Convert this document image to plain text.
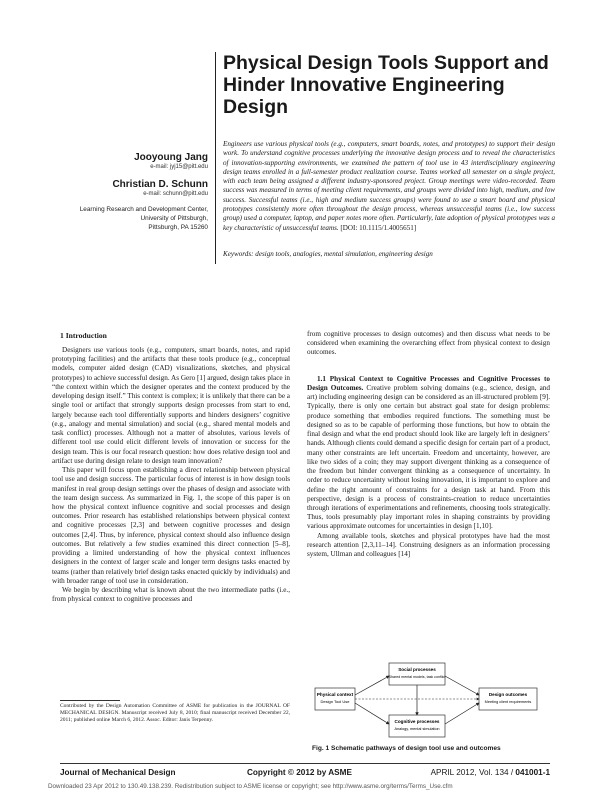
Physical Design Tools Support and Hinder Innovative Engineering Design
Jooyoung Jang
e-mail: jyj15@pitt.edu
Christian D. Schunn
e-mail: schunn@pitt.edu
Learning Research and Development Center,
University of Pittsburgh,
Pittsburgh, PA 15260
Engineers use various physical tools (e.g., computers, smart boards, notes, and prototypes) to support their design work. To understand cognitive processes underlying the innovative design process and to reveal the characteristics of innovation-supporting environments, we examined the pattern of tool use in 43 interdisciplinary engineering design teams enrolled in a full-semester product realization course. Teams worked all semester on a single project, with each team being assigned a different industry-sponsored project. Group meetings were video-recorded. Team success was measured in terms of meeting client requirements, and groups were divided into high, medium, and low success. Successful teams (i.e., high and medium success groups) were found to use a smart board and physical prototypes consistently more often throughout the design process, whereas unsuccessful teams (i.e., low success group) used a computer, laptop, and paper notes more often. Particularly, late adoption of physical prototypes was a key characteristic of unsuccessful teams. [DOI: 10.1115/1.4005651]
Keywords: design tools, analogies, mental simulation, engineering design
1 Introduction

Designers use various tools (e.g., computers, smart boards, notes, and rapid prototyping facilities) and the artifacts that these tools produce (e.g., conceptual models, computer aided design (CAD) visualizations, sketches, and physical prototypes) to achieve successful design. As Gero [1] argued, design takes place in “the context within which the designer operates and the context produced by the developing design itself.” This context is complex; it is unlikely that there can be a single tool or artifact that strongly supports design processes from start to end, largely because each tool differentially supports and hinders designers’ cognitive (e.g., analogy and mental simulation) and social (e.g., shared mental models and task conflict) processes. Although not a matter of absolutes, various levels of different tool use could elicit different levels of innovation or success for the design team. This is our focal research question: how does relative design tool and artifact use during design relate to design team innovation?

This paper will focus upon establishing a direct relationship between physical tool use and design success. The particular focus of interest is in how design tools manifest in real group design settings over the phases of design and associate with the team design success. As summarized in Fig. 1, the scope of this paper is on how the physical context influence cognitive and social processes and design outcomes. Prior research has established relationships between physical context and cognitive processes [2,3] and between cognitive processes and design outcomes [2,4]. Thus, by inference, physical context should also influence design outcomes. But relatively a few studies examined this direct connection [5–8], providing a limited understanding of how the physical context influences designers in the context of larger scale and longer term designs tasks enacted by teams (rather than relatively brief design tasks enacted quickly by individuals) and with broader range of tool use in consideration.

We begin by describing what is known about the two intermediate paths (i.e., from physical context to cognitive processes and

from cognitive processes to design outcomes) and then discuss what needs to be considered when examining the overarching effect from physical context to design outcomes.

1.1 Physical Context to Cognitive Processes and Cognitive Processes to Design Outcomes. Creative problem solving domains (e.g., science, design, and art) including engineering design can be considered as an ill-structured problem [9]. Typically, there is only one certain but abstract goal state for design problems: produce something that embodies required functions. The something must be designed so as to be capable of performing those functions, but how to obtain the final design and what the end product should look like are largely left in designers’ hands. Although clients could demand a specific design for certain part of a product, many other constraints are left uncertain. Freedom and uncertainty, however, are like two sides of a coin; they may support divergent thinking as a consequence of the freedom but hinder convergent thinking as a consequence of uncertainty. In order to reduce uncertainty without losing innovation, it is important to explore and define the right amount of constraints for a design task at hand. From this perspective, design is a process of constraints-creation to reduce uncertainties through iterations of experimentations and refinements, choosing tools strategically. Thus, tools presumably play important roles in shaping constraints by providing various approximate outcomes for uncertainties in design [1,10].

Among available tools, sketches and physical prototypes have had the most research attention [2,3,11–14]. Construing designers as an information processing system, Ullman and colleagues [14]

Physical context
Design Tool Use
Social processes
Shared mental models, task conflict
Cognitive processes
Analogy, mental simulation
Design outcomes
Meeting client requirements
Fig. 1 Schematic pathways of design tool use and outcomes
Contributed by the Design Automation Committee of ASME for publication in the JOURNAL OF MECHANICAL DESIGN. Manuscript received July 8, 2010; final manuscript received December 22, 2011; published online March 6, 2012. Assoc. Editor: Janis Terpenny.
Journal of Mechanical Design	Copyright © 2012 by ASME	APRIL 2012, Vol. 134 / 041001-1
Downloaded 23 Apr 2012 to 130.49.138.239. Redistribution subject to ASME license or copyright; see http://www.asme.org/terms/Terms_Use.cfm
